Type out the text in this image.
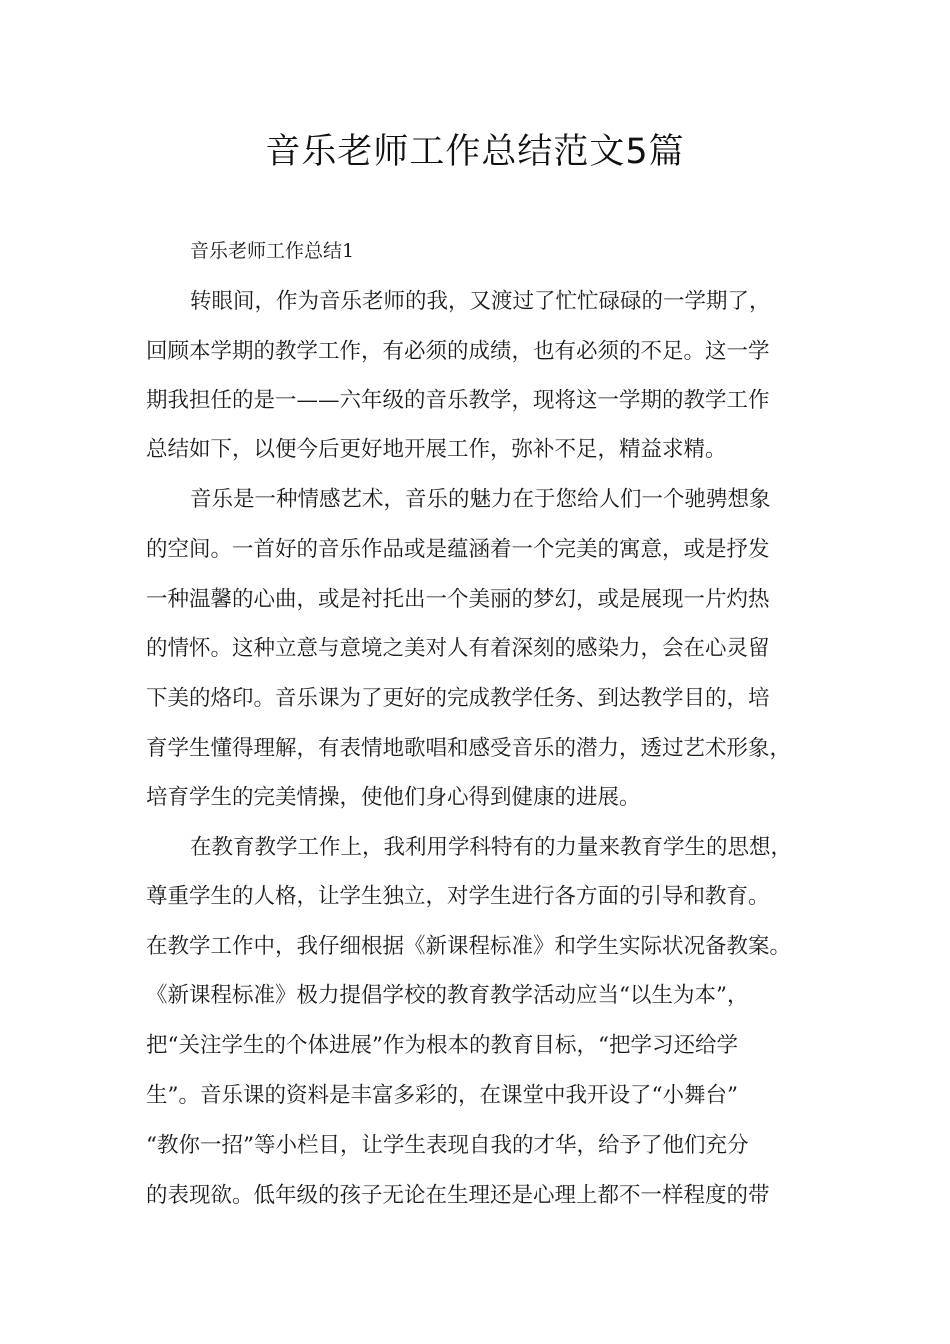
音乐老师工作总结范文5篇

音乐老师工作总结1

转眼间，作为音乐老师的我，又渡过了忙忙碌碌的一学期了，

回顾本学期的教学工作，有必须的成绩，也有必须的不足。这一学

期我担任的是一——六年级的音乐教学，现将这一学期的教学工作

总结如下，以便今后更好地开展工作，弥补不足，精益求精。

音乐是一种情感艺术，音乐的魅力在于您给人们一个驰骋想象

的空间。一首好的音乐作品或是蕴涵着一个完美的寓意，或是抒发

一种温馨的心曲，或是衬托出一个美丽的梦幻，或是展现一片灼热

的情怀。这种立意与意境之美对人有着深刻的感染力，会在心灵留

下美的烙印。音乐课为了更好的完成教学任务、到达教学目的，培

育学生懂得理解，有表情地歌唱和感受音乐的潜力，透过艺术形象，

培育学生的完美情操，使他们身心得到健康的进展。

在教育教学工作上，我利用学科特有的力量来教育学生的思想，

尊重学生的人格，让学生独立，对学生进行各方面的引导和教育。

在教学工作中，我仔细根据《新课程标准》和学生实际状况备教案。

《新课程标准》极力提倡学校的教育教学活动应当“以生为本”，

把“关注学生的个体进展”作为根本的教育目标，“把学习还给学

生”。音乐课的资料是丰富多彩的，在课堂中我开设了“小舞台”

“教你一招”等小栏目，让学生表现自我的才华，给予了他们充分

的表现欲。低年级的孩子无论在生理还是心理上都不一样程度的带
